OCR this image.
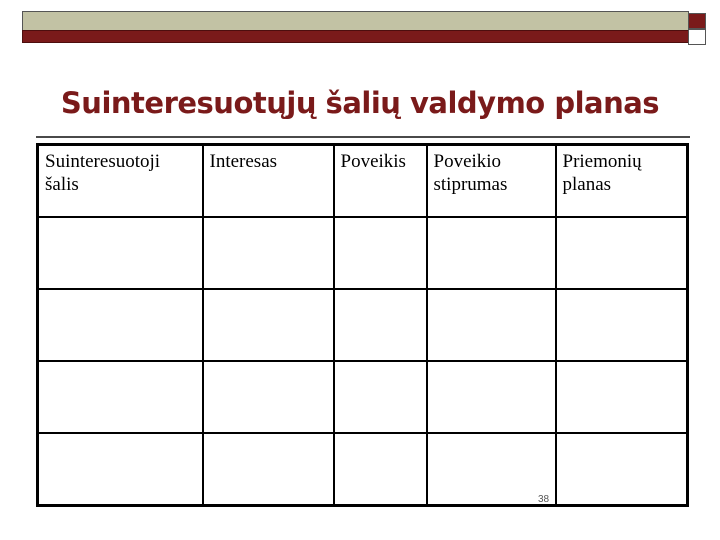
Suinteresuotųjų šalių valdymo planas
Suinteresuotoji šalis	Interesas	Poveikis	Poveikio stiprumas	Priemonių planas

38
